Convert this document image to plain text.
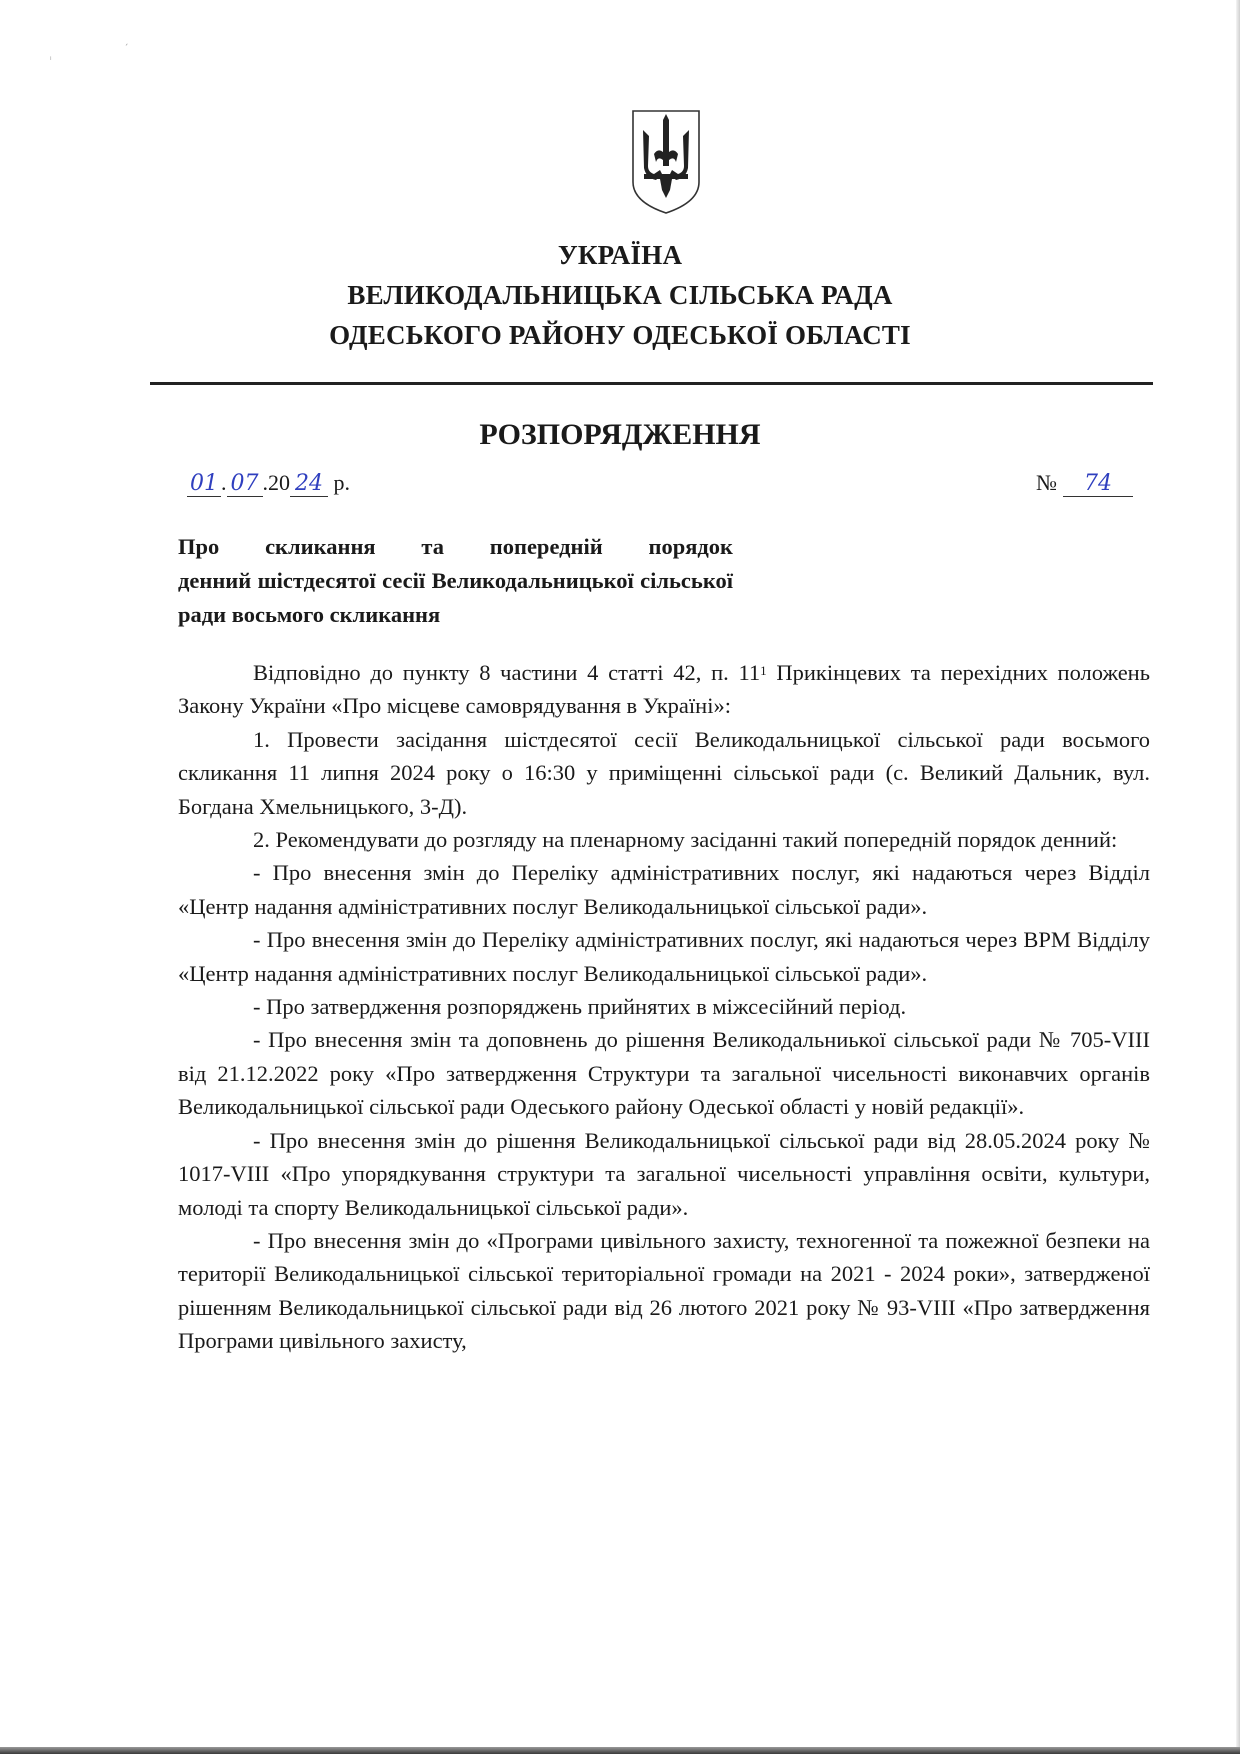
ⁱ
ˊ
УКРАЇНА
ВЕЛИКОДАЛЬНИЦЬКА СІЛЬСЬКА РАДА
ОДЕСЬКОГО РАЙОНУ ОДЕСЬКОЇ ОБЛАСТІ
РОЗПОРЯДЖЕННЯ
01 . 07 .20 24 р.	№ 74
Про скликання та попередній порядок
денний шістдесятої сесії Великодальницької сільської ради восьмого скликання

Відповідно до пункту 8 частини 4 статті 42, п. $11^1$ Прикінцевих та перехідних положень Закону України «Про місцеве самоврядування в Україні»:

1. Провести засідання шістдесятої сесії Великодальницької сільської ради восьмого скликання 11 липня 2024 року о 16:30 у приміщенні сільської ради (с. Великий Дальник, вул. Богдана Хмельницького, 3-Д).

2. Рекомендувати до розгляду на пленарному засіданні такий попередній порядок денний:

- Про внесення змін до Переліку адміністративних послуг, які надаються через Відділ «Центр надання адміністративних послуг Великодальницької сільської ради».

- Про внесення змін до Переліку адміністративних послуг, які надаються через ВРМ Відділу «Центр надання адміністративних послуг Великодальницької сільської ради».

- Про затвердження розпоряджень прийнятих в міжсесійний період.

- Про внесення змін та доповнень до рішення Великодальниької сільської ради № 705-VIII від 21.12.2022 року «Про затвердження Структури та загальної чисельності виконавчих органів Великодальницької сільської ради Одеського району Одеської області у новій редакції».

- Про внесення змін до рішення Великодальницької сільської ради від 28.05.2024 року № 1017-VIII «Про упорядкування структури та загальної чисельності управління освіти, культури, молоді та спорту Великодальницької сільської ради».

- Про внесення змін до «Програми цивільного захисту, техногенної та пожежної безпеки на території Великодальницької сільської територіальної громади на 2021 - 2024 роки», затвердженої рішенням Великодальницької сільської ради від 26 лютого 2021 року № 93-VIII «Про затвердження Програми цивільного захисту,
